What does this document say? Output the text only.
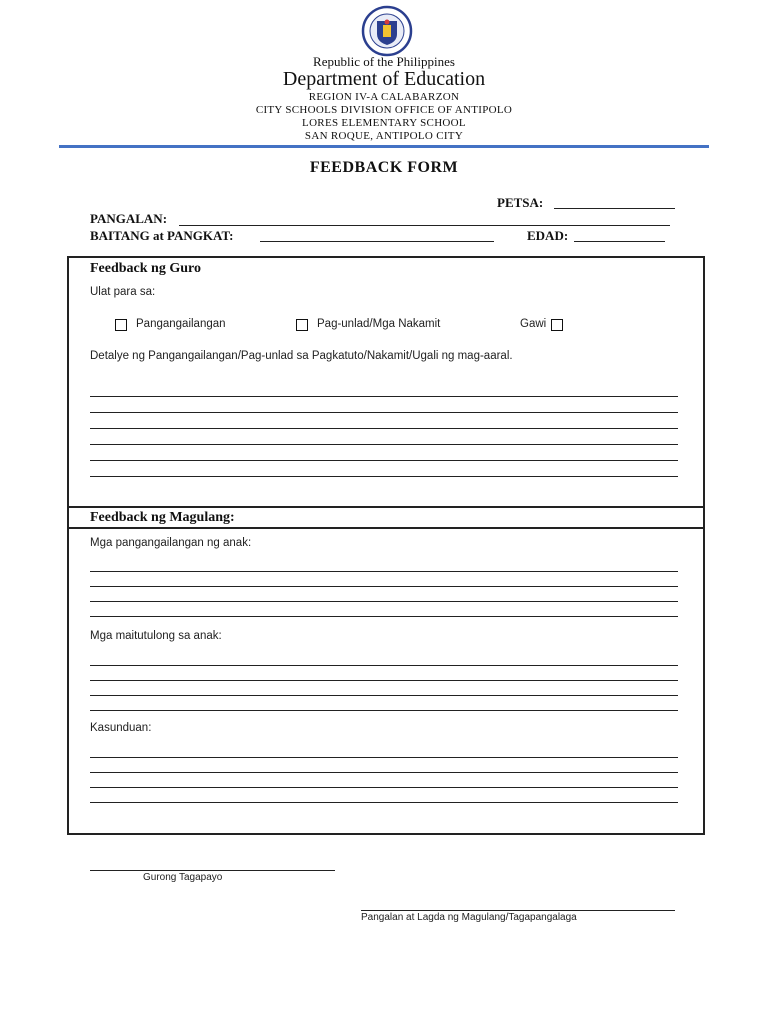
Republic of the Philippines
Department of Education
REGION IV-A CALABARZON
CITY SCHOOLS DIVISION OFFICE OF ANTIPOLO
LORES ELEMENTARY SCHOOL
SAN ROQUE, ANTIPOLO CITY
FEEDBACK FORM
PETSA:
PANGALAN:
BAITANG at PANGKAT:	EDAD:
Feedback ng Guro
Ulat para sa:
Pangangailangan	Pag-unlad/Mga Nakamit	Gawi
Detalye ng Pangangailangan/Pag-unlad sa Pagkatuto/Nakamit/Ugali ng mag-aaral.
Feedback ng Magulang:
Mga pangangailangan ng anak:
Mga maitutulong sa anak:
Kasunduan:
Gurong Tagapayo
Pangalan at Lagda ng Magulang/Tagapangalaga
